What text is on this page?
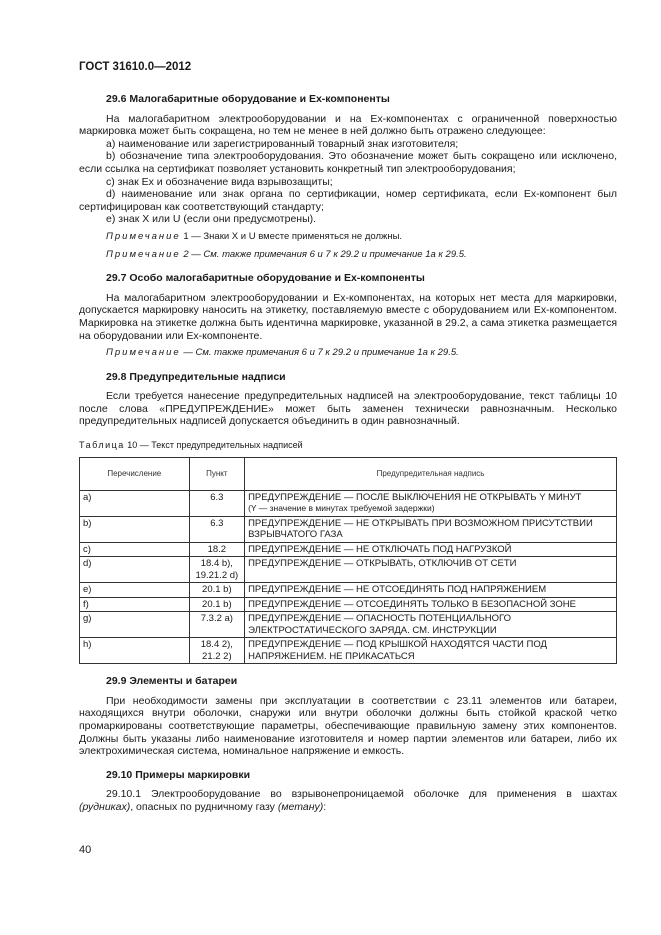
ГОСТ 31610.0—2012
29.6 Малогабаритные оборудование и Ех-компоненты

На малогабаритном электрооборудовании и на Ех-компонентах с ограниченной поверхностью маркировка может быть сокращена, но тем не менее в ней должно быть отражено следующее:

а) наименование или зарегистрированный товарный знак изготовителя;

b) обозначение типа электрооборудования. Это обозначение может быть сокращено или исключено, если ссылка на сертификат позволяет установить конкретный тип электрооборудования;

с) знак Ех и обозначение вида взрывозащиты;

d) наименование или знак органа по сертификации, номер сертификата, если Ех-компонент был сертифицирован как соответствующий стандарту;

е) знак X или U (если они предусмотрены).

Примечание 1 — Знаки X и U вместе применяться не должны.

Примечание 2 — См. также примечания 6 и 7 к 29.2 и примечание 1а к 29.5.

29.7 Особо малогабаритные оборудование и Ех-компоненты

На малогабаритном электрооборудовании и Ех-компонентах, на которых нет места для маркировки, допускается маркировку наносить на этикетку, поставляемую вместе с оборудованием или Ех-компонентом. Маркировка на этикетке должна быть идентична маркировке, указанной в 29.2, а сама этикетка размещается на оборудовании или Ех-компоненте.

Примечание — См. также примечания 6 и 7 к 29.2 и примечание 1а к 29.5.

29.8 Предупредительные надписи

Если требуется нанесение предупредительных надписей на электрооборудование, текст таблицы 10 после слова «ПРЕДУПРЕЖДЕНИЕ» может быть заменен технически равнозначным. Несколько предупредительных надписей допускается объединить в один равнозначный.

Таблица 10 — Текст предупредительных надписей

Перечисление	Пункт	Предупредительная надпись
a)	6.3	ПРЕДУПРЕЖДЕНИЕ — ПОСЛЕ ВЫКЛЮЧЕНИЯ НЕ ОТКРЫВАТЬ Y МИНУТ
(Y — значение в минутах требуемой задержки)
b)	6.3	ПРЕДУПРЕЖДЕНИЕ — НЕ ОТКРЫВАТЬ ПРИ ВОЗМОЖНОМ ПРИСУТСТВИИ ВЗРЫВЧАТОГО ГАЗА
c)	18.2	ПРЕДУПРЕЖДЕНИЕ — НЕ ОТКЛЮЧАТЬ ПОД НАГРУЗКОЙ
d)	18.4 b), 19.21.2 d)	ПРЕДУПРЕЖДЕНИЕ — ОТКРЫВАТЬ, ОТКЛЮЧИВ ОТ СЕТИ
e)	20.1 b)	ПРЕДУПРЕЖДЕНИЕ — НЕ ОТСОЕДИНЯТЬ ПОД НАПРЯЖЕНИЕМ
f)	20.1 b)	ПРЕДУПРЕЖДЕНИЕ — ОТСОЕДИНЯТЬ ТОЛЬКО В БЕЗОПАСНОЙ ЗОНЕ
g)	7.3.2 a)	ПРЕДУПРЕЖДЕНИЕ — ОПАСНОСТЬ ПОТЕНЦИАЛЬНОГО ЭЛЕКТРОСТАТИЧЕСКОГО ЗАРЯДА. СМ. ИНСТРУКЦИИ
h)	18.4 2), 21.2 2)	ПРЕДУПРЕЖДЕНИЕ — ПОД КРЫШКОЙ НАХОДЯТСЯ ЧАСТИ ПОД НАПРЯЖЕНИЕМ. НЕ ПРИКАСАТЬСЯ
29.9 Элементы и батареи

При необходимости замены при эксплуатации в соответствии с 23.11 элементов или батареи, находящихся внутри оболочки, снаружи или внутри оболочки должны быть стойкой краской четко промаркированы соответствующие параметры, обеспечивающие правильную замену этих компонентов. Должны быть указаны либо наименование изготовителя и номер партии элементов или батареи, либо их электрохимическая система, номинальное напряжение и емкость.

29.10 Примеры маркировки

29.10.1 Электрооборудование во взрывонепроницаемой оболочке для применения в шахтах (рудниках), опасных по рудничному газу (метану):

40
